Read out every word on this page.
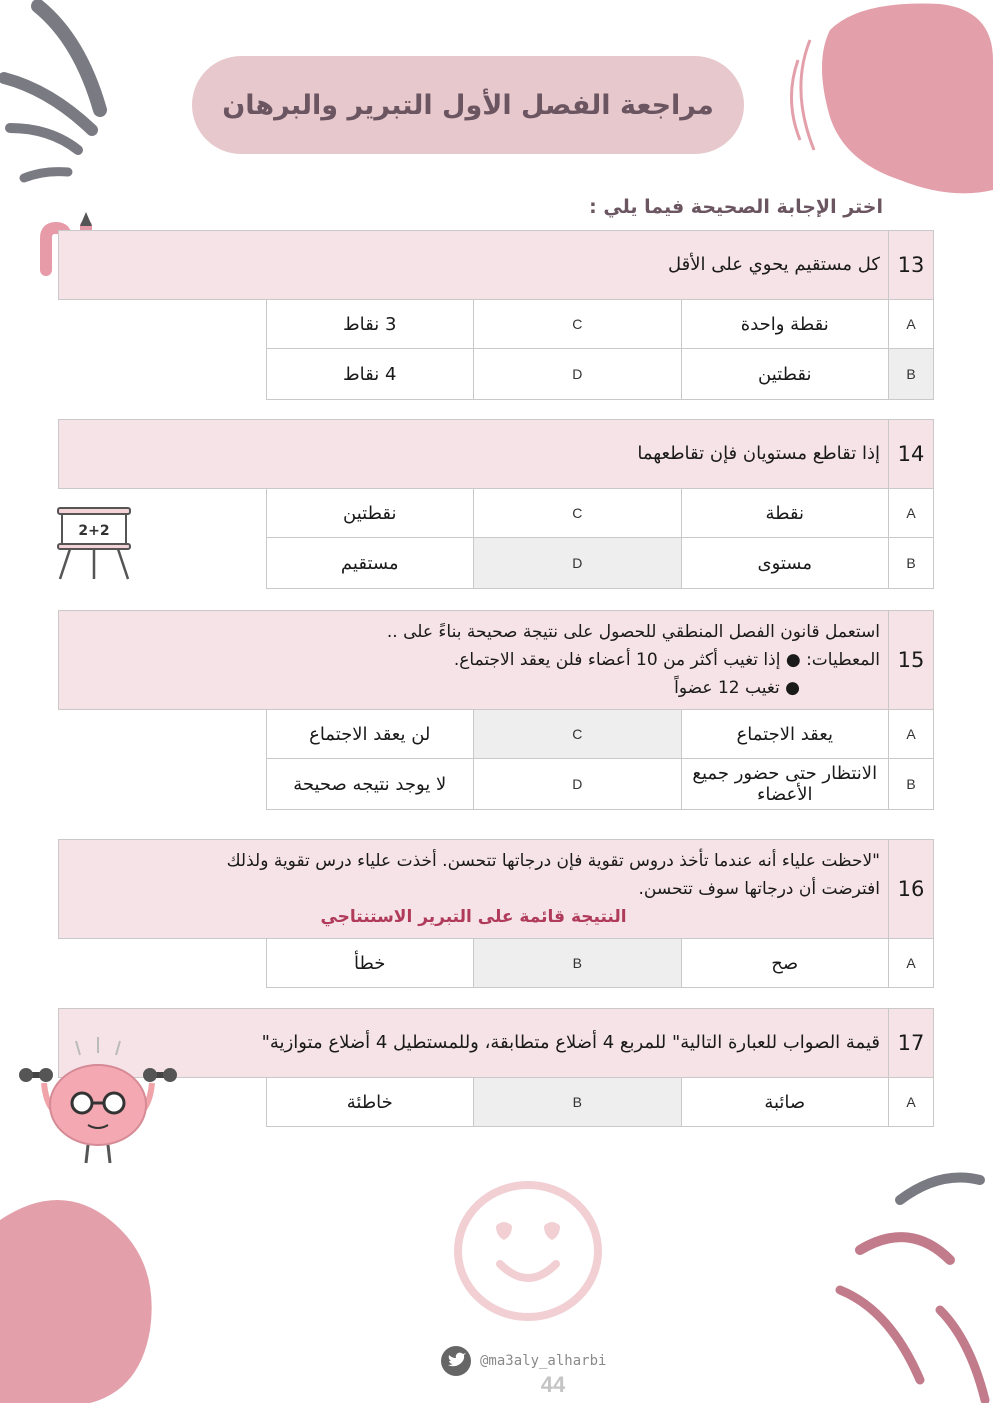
مراجعة الفصل الأول التبرير والبرهان
اختر الإجابة الصحيحة فيما يلي :
13	كل مستقيم يحوي على الأقل		

A	نقطة واحدة	C	3 نقاط
B	نقطتين	D	4 نقاط
14	إذا تقاطع مستويان فإن تقاطعهما		

A	نقطة	C	نقطتين
B	مستوى	D	مستقيم
2+2
15	استعمل قانون الفصل المنطقي للحصول على نتيجة صحيحة بناءً على ..
المعطيات: ● إذا تغيب أكثر من 10 أعضاء فلن يعقد الاجتماع.
● تغيب 12 عضواً		

A	يعقد الاجتماع	C	لن يعقد الاجتماع
B	الانتظار حتى حضور جميع الأعضاء	D	لا يوجد نتيجه صحيحة
16	"لاحظت علياء أنه عندما تأخذ دروس تقوية فإن درجاتها تتحسن. أخذت علياء درس تقوية ولذلك
افترضت أن درجاتها سوف تتحسن.
النتيجة قائمة على التبرير الاستنتاجي		

A	صح	B	خطأ
17	قيمة الصواب للعبارة التالية" للمربع 4 أضلاع متطابقة، وللمستطيل 4 أضلاع متوازية"		

A	صائبة	B	خاطئة
@ma3aly_alharbi
44
